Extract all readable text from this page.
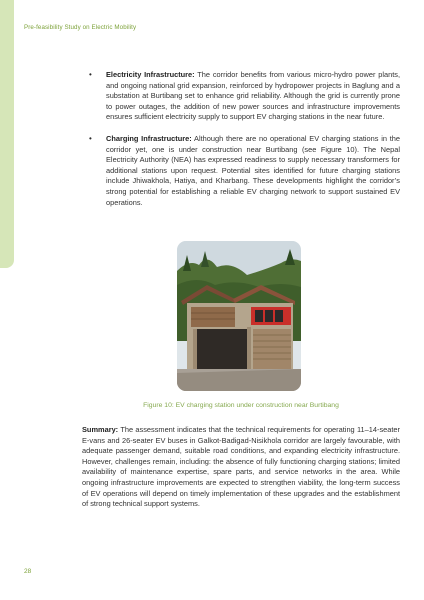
Pre-feasibility Study on Electric Mobility
• Electricity Infrastructure: The corridor benefits from various micro-hydro power plants, and ongoing national grid expansion, reinforced by hydropower projects in Baglung and a substation at Burtibang set to enhance grid reliability. Although the grid is currently prone to power outages, the addition of new power sources and infrastructure improvements ensures sufficient electricity supply to support EV charging stations in the near future.
• Charging Infrastructure: Although there are no operational EV charging stations in the corridor yet, one is under construction near Burtibang (see Figure 10). The Nepal Electricity Authority (NEA) has expressed readiness to supply necessary transformers for additional stations upon request. Potential sites identified for future charging stations include Jhiwakhola, Hatiya, and Kharbang. These developments highlight the corridor’s strong potential for establishing a reliable EV charging network to support sustained EV operations.
Figure 10: EV charging station under construction near Burtibang
Summary: The assessment indicates that the technical requirements for operating 11–14-seater E-vans and 26-seater EV buses in Galkot-Badigad-Nisikhola corridor are largely favourable, with adequate passenger demand, suitable road conditions, and expanding electricity infrastructure. However, challenges remain, including: the absence of fully functioning charging stations; limited availability of maintenance expertise, spare parts, and service networks in the area. While ongoing infrastructure improvements are expected to strengthen viability, the long-term success of EV operations will depend on timely implementation of these upgrades and the establishment of strong technical support systems.
28
